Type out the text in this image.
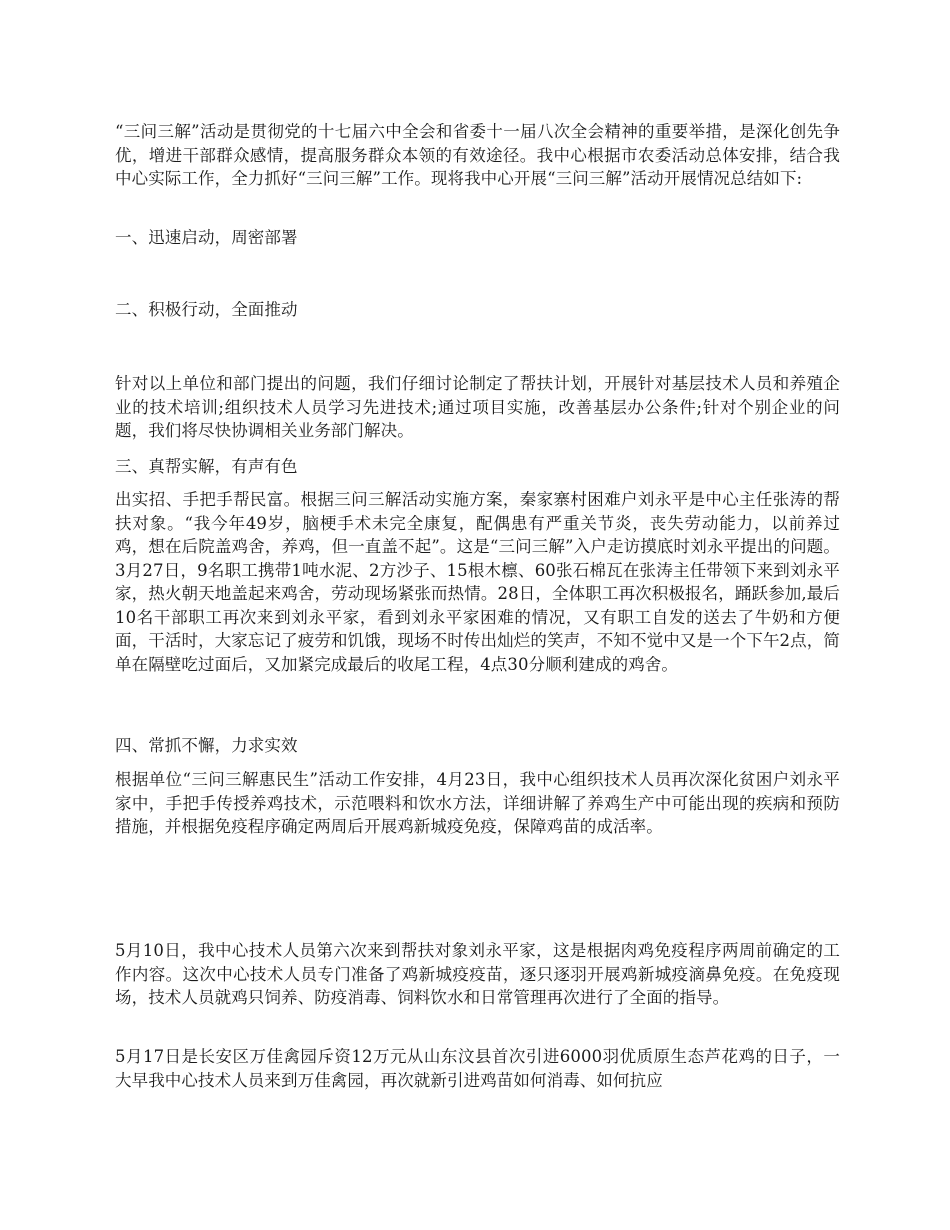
“三问三解”活动是贯彻党的十七届六中全会和省委十一届八次全会精神的重要举措，是深化创先争优，增进干部群众感情，提高服务群众本领的有效途径。我中心根据市农委活动总体安排，结合我中心实际工作，全力抓好“三问三解”工作。现将我中心开展“三问三解”活动开展情况总结如下:

一、迅速启动，周密部署

二、积极行动，全面推动

针对以上单位和部门提出的问题，我们仔细讨论制定了帮扶计划，开展针对基层技术人员和养殖企业的技术培训;组织技术人员学习先进技术;通过项目实施，改善基层办公条件;针对个别企业的问题，我们将尽快协调相关业务部门解决。

三、真帮实解，有声有色

出实招、手把手帮民富。根据三问三解活动实施方案，秦家寨村困难户刘永平是中心主任张涛的帮扶对象。“我今年49岁，脑梗手术未完全康复，配偶患有严重关节炎，丧失劳动能力，以前养过鸡，想在后院盖鸡舍，养鸡，但一直盖不起”。这是“三问三解”入户走访摸底时刘永平提出的问题。3月27日，9名职工携带1吨水泥、2方沙子、15根木檩、60张石棉瓦在张涛主任带领下来到刘永平家，热火朝天地盖起来鸡舍，劳动现场紧张而热情。28日，全体职工再次积极报名，踊跃参加,最后10名干部职工再次来到刘永平家，看到刘永平家困难的情况，又有职工自发的送去了牛奶和方便面，干活时，大家忘记了疲劳和饥饿，现场不时传出灿烂的笑声，不知不觉中又是一个下午2点，简单在隔壁吃过面后，又加紧完成最后的收尾工程，4点30分顺利建成的鸡舍。

四、常抓不懈，力求实效

根据单位“三问三解惠民生”活动工作安排，4月23日，我中心组织技术人员再次深化贫困户刘永平家中，手把手传授养鸡技术，示范喂料和饮水方法，详细讲解了养鸡生产中可能出现的疾病和预防措施，并根据免疫程序确定两周后开展鸡新城疫免疫，保障鸡苗的成活率。

5月10日，我中心技术人员第六次来到帮扶对象刘永平家，这是根据肉鸡免疫程序两周前确定的工作内容。这次中心技术人员专门准备了鸡新城疫疫苗，逐只逐羽开展鸡新城疫滴鼻免疫。在免疫现场，技术人员就鸡只饲养、防疫消毒、饲料饮水和日常管理再次进行了全面的指导。

5月17日是长安区万佳禽园斥资12万元从山东汶县首次引进6000羽优质原生态芦花鸡的日子，一大早我中心技术人员来到万佳禽园，再次就新引进鸡苗如何消毒、如何抗应
